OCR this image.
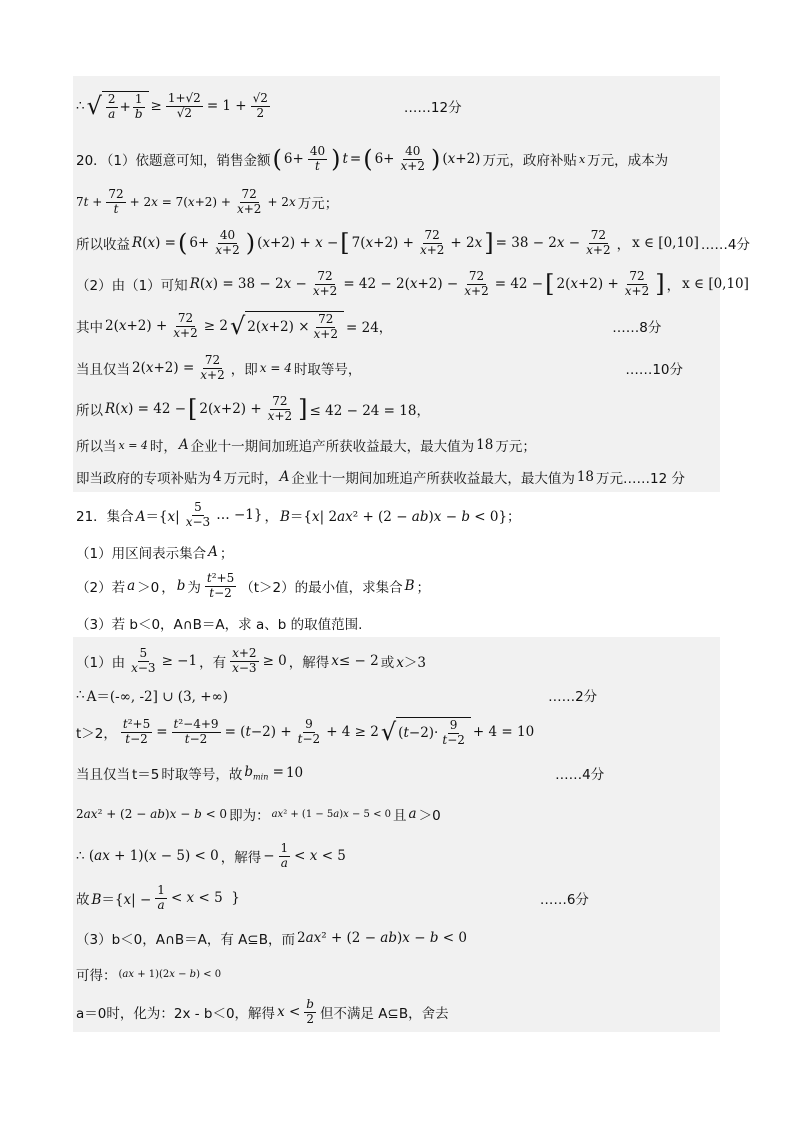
∴ √ $\frac{2}{a} + \frac{1}{b} \ge \frac{1+√2}{√2} = 1 + \frac{√2}{2}$	……12分
20．（1）依题意可知，销售金额 ( $6+ \frac{40}{t}$ ) t = ( $6+ \frac{40}{x+2}$ ) (x+2) 万元，政府补贴 x 万元，成本为
$7t + \frac{72}{t} + 2x = 7(x+2) + \frac{72}{x+2} + 2x$ 万元；
所以收益 R(x) = ( $6+ \frac{40}{x+2}$ ) (x+2) + x − [ $7(x+2) + \frac{72}{x+2} + 2x$ ] = $38 - 2x - \frac{72}{x+2}$ ， x ∈ [0,10] ……4分
（2）由（1）可知 $R(x) = 38 - 2x - \frac{72}{x+2} = 42 - 2(x+2) - \frac{72}{x+2} = 42$ − [ $2(x+2) + \frac{72}{x+2}$ ] ， x ∈ [0,10]
其中 $2(x+2) + \frac{72}{x+2} \ge 2$ √ $2(x+2) \times \frac{72}{x+2} = 24$，	……8分
当且仅当 $2(x+2) = \frac{72}{x+2}$ ，即 x = 4 时取等号，	……10分
所以 R(x) = 42 − [ $2(x+2) + \frac{72}{x+2}$ ] ≤ 42 − 24 = 18，
所以当 x = 4 时， A 企业十一期间加班追产所获收益最大，最大值为 18 万元；
即当政府的专项补贴为 4 万元时， A 企业十一期间加班追产所获收益最大，最大值为 18 万元……12 分
21．集合 $A=\{x| \frac{5}{x-3}$ … −1} ， B＝{x| 2ax² + (2 − ab)x − b < 0}；
（1）用区间表示集合 A ；
（2）若 a ＞0 ， b 为 $\frac{\text{t²+5}}{t-2} (t>2)$的最小值，求集合 B ；
（3）若 b＜0，A∩B＝A，求 a、b 的取值范围.
（1）由 $\frac{5}{x-3} \ge -1$ ，有 $\frac{x+2}{x-3} \ge 0$ ，解得 x≤ − 2 或 x＞3
∴ A＝(-∞, -2] ∪ (3, +∞)	……2分
t＞2， $\frac{\text{t²+5}}{t-2} = \frac{\text{t²−4+9}}{t-2} = (t-2) + \frac{9}{t-2} + 4 \ge 2$ √ $(t-2)\cdot \frac{9}{t-2} + 4 = 10$
当且仅当 t＝5 时取等号，故 $b_{min} = 10$	……4分
2ax² + (2 − ab)x − b < 0 即为： ax² + (1 − 5a)x − 5 < 0 且 a ＞0
∴ (ax + 1)(x − 5) < 0 ，解得 − $\frac{1}{a} < x < 5$
故 $B=\{x| - \frac{1}{a} < x < 5$  }	……6分
（3）b＜0，A∩B＝A，有 A⊆B，而 2ax² + (2 − ab)x − b < 0
可得： (ax + 1)(2x − b) < 0
a＝0时，化为：2x - b＜0，解得 $x < \frac{b}{2}$ 但不满足 A⊆B，舍去
